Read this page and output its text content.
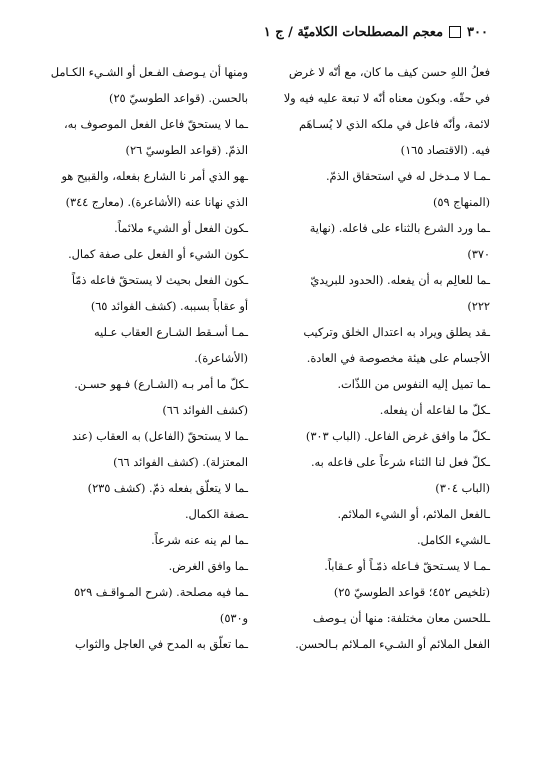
٣٠٠
معجم المصطلحات الكلاميّة / ج ١

فعلُ اللهِ حسن كيف ما كان، مع أنّه لا غرض

في حقّه. وبكون معناه أنّه لا تبعة عليه فيه ولا

لائمة، وأنّه فاعل في ملكه الذي لا يُسـاهَم

فيه. (الاقتصاد ١٦٥)

ـمـا لا مـدخل له في استحقاق الذمّ.

(المنهاج ٥٩)

ـما ورد الشرع بالثناء على فاعله. (نهاية

٣٧٠)

ـما للعالِم به أن يفعله. (الحدود للبريديّ

٢٢٢)

ـقد يطلق ويراد به اعتدال الخلق وتركيب

الأجسام على هيئة مخصوصة في العادة.

ـما تميل إليه النفوس من اللذّات.

ـكلّ ما لفاعله أن يفعله.

ـكلّ ما وافق غرض الفاعل. (الباب ٣٠٣)

ـكلّ فعل لنا الثناء شرعاً على فاعله به.

(الباب ٣٠٤)

ـالفعل الملائم، أو الشيء الملائم.

ـالشيء الكامل.

ـمـا لا يسـتحقّ فـاعله ذمّـاً أو عـقاباً.

(تلخيص ٤٥٢؛ قواعد الطوسيّ ٢٥)

ـللحسن معان مختلفة: منها أن يـوصف

الفعل الملائم أو الشـيء المـلائم بـالحسن.

ومنها أن يـوصف الفـعل أو الشـيء الكـامل

بالحسن. (قواعد الطوسيّ ٢٥)

ـما لا يستحقّ فاعل الفعل الموصوف به،

الذمّ. (قواعد الطوسيّ ٢٦)

ـهو الذي أمر نا الشارع بفعله، والقبيح هو

الذي نهانا عنه (الأشاعرة). (معارج ٣٤٤)

ـكون الفعل أو الشيء ملائماً.

ـكون الشيء أو الفعل على صفة كمال.

ـكون الفعل بحيث لا يستحقّ فاعله ذمّاً

أو عقاباً بسببه. (كشف الفوائد ٦٥)

ـمـا أسـقط الشـارع العقاب عـليه

(الأشاعرة).

ـكلّ ما أمر بـه (الشـارع) فـهو حسـن.

(كشف الفوائد ٦٦)

ـما لا يستحقّ (الفاعل) به العقاب (عند

المعتزلة). (كشف الفوائد ٦٦)

ـما لا يتعلّق بفعله ذمّ. (كشف ٢٣٥)

ـصفة الكمال.

ـما لم ينه عنه شرعاً.

ـما وافق الغرض.

ـما فيه مصلحة. (شرح المـواقـف ٥٢٩

و٥٣٠)

ـما تعلّق به المدح في العاجل والثواب
